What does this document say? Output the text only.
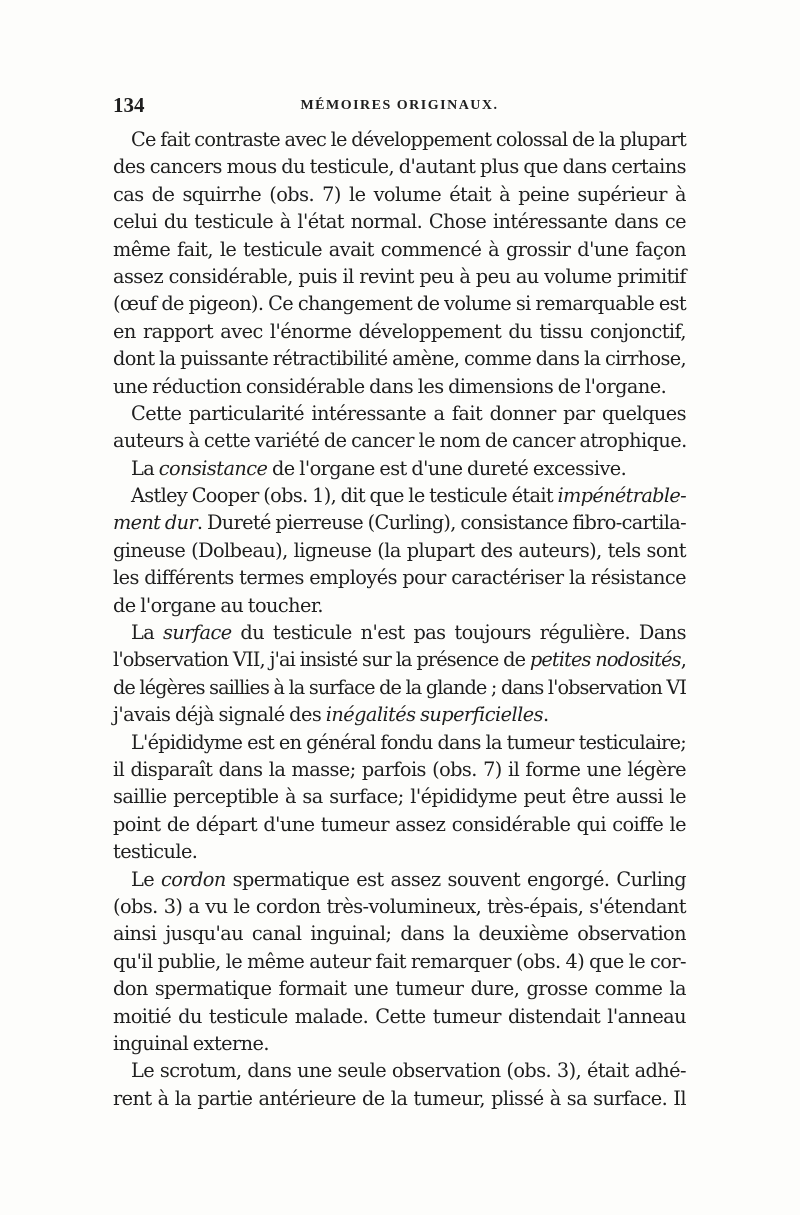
134	MÉMOIRES ORIGINAUX.
Ce fait contraste avec le développement colossal de la plupart
des cancers mous du testicule, d'autant plus que dans certains
cas de squirrhe (obs. 7) le volume était à peine supérieur à
celui du testicule à l'état normal. Chose intéressante dans ce
même fait, le testicule avait commencé à grossir d'une façon
assez considérable, puis il revint peu à peu au volume primitif
(œuf de pigeon). Ce changement de volume si remarquable est
en rapport avec l'énorme développement du tissu conjonctif,
dont la puissante rétractibilité amène, comme dans la cirrhose,
une réduction considérable dans les dimensions de l'organe.
Cette particularité intéressante a fait donner par quelques
auteurs à cette variété de cancer le nom de cancer atrophique.
La consistance de l'organe est d'une dureté excessive.
Astley Cooper (obs. 1), dit que le testicule était impénétrable-
ment dur. Dureté pierreuse (Curling), consistance fibro-cartila-
gineuse (Dolbeau), ligneuse (la plupart des auteurs), tels sont
les différents termes employés pour caractériser la résistance
de l'organe au toucher.
La surface du testicule n'est pas toujours régulière. Dans
l'observation VII, j'ai insisté sur la présence de petites nodosités,
de légères saillies à la surface de la glande ; dans l'observation VI
j'avais déjà signalé des inégalités superficielles.
L'épididyme est en général fondu dans la tumeur testiculaire;
il disparaît dans la masse; parfois (obs. 7) il forme une légère
saillie perceptible à sa surface; l'épididyme peut être aussi le
point de départ d'une tumeur assez considérable qui coiffe le
testicule.
Le cordon spermatique est assez souvent engorgé. Curling
(obs. 3) a vu le cordon très-volumineux, très-épais, s'étendant
ainsi jusqu'au canal inguinal; dans la deuxième observation
qu'il publie, le même auteur fait remarquer (obs. 4) que le cor-
don spermatique formait une tumeur dure, grosse comme la
moitié du testicule malade. Cette tumeur distendait l'anneau
inguinal externe.
Le scrotum, dans une seule observation (obs. 3), était adhé-
rent à la partie antérieure de la tumeur, plissé à sa surface. Il
